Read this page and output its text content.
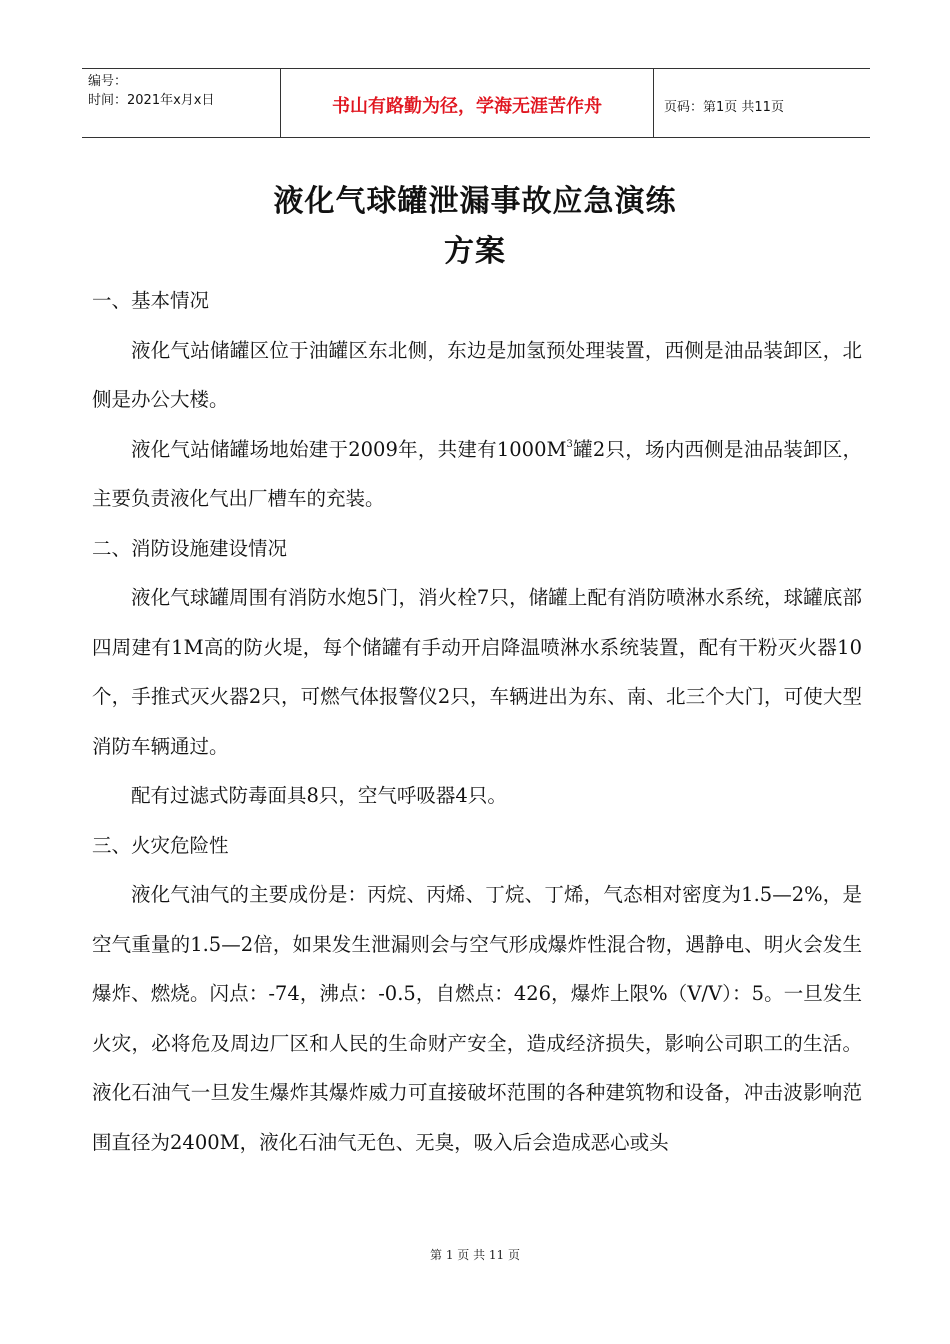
编号：
时间：2021年x月x日	书山有路勤为径，学海无涯苦作舟	页码：第1页 共11页
液化气球罐泄漏事故应急演练
方案

一、基本情况

液化气站储罐区位于油罐区东北侧，东边是加氢预处理装置，西侧是油品装卸区，北侧是办公大楼。

液化气站储罐场地始建于2009年，共建有$1000M^3$罐2只，场内西侧是油品装卸区，主要负责液化气出厂槽车的充装。

二、消防设施建设情况

液化气球罐周围有消防水炮5门，消火栓7只，储罐上配有消防喷淋水系统，球罐底部四周建有1M高的防火堤，每个储罐有手动开启降温喷淋水系统装置，配有干粉灭火器10个，手推式灭火器2只，可燃气体报警仪2只，车辆进出为东、南、北三个大门，可使大型消防车辆通过。

配有过滤式防毒面具8只，空气呼吸器4只。

三、火灾危险性

液化气油气的主要成份是：丙烷、丙烯、丁烷、丁烯，气态相对密度为1.5—2%，是空气重量的1.5—2倍，如果发生泄漏则会与空气形成爆炸性混合物，遇静电、明火会发生爆炸、燃烧。闪点：-74，沸点：-0.5，自燃点：426，爆炸上限%（V/V）：5。一旦发生火灾，必将危及周边厂区和人民的生命财产安全，造成经济损失，影响公司职工的生活。液化石油气一旦发生爆炸其爆炸威力可直接破坏范围的各种建筑物和设备，冲击波影响范围直径为2400M，液化石油气无色、无臭，吸入后会造成恶心或头

第 1 页 共 11 页
